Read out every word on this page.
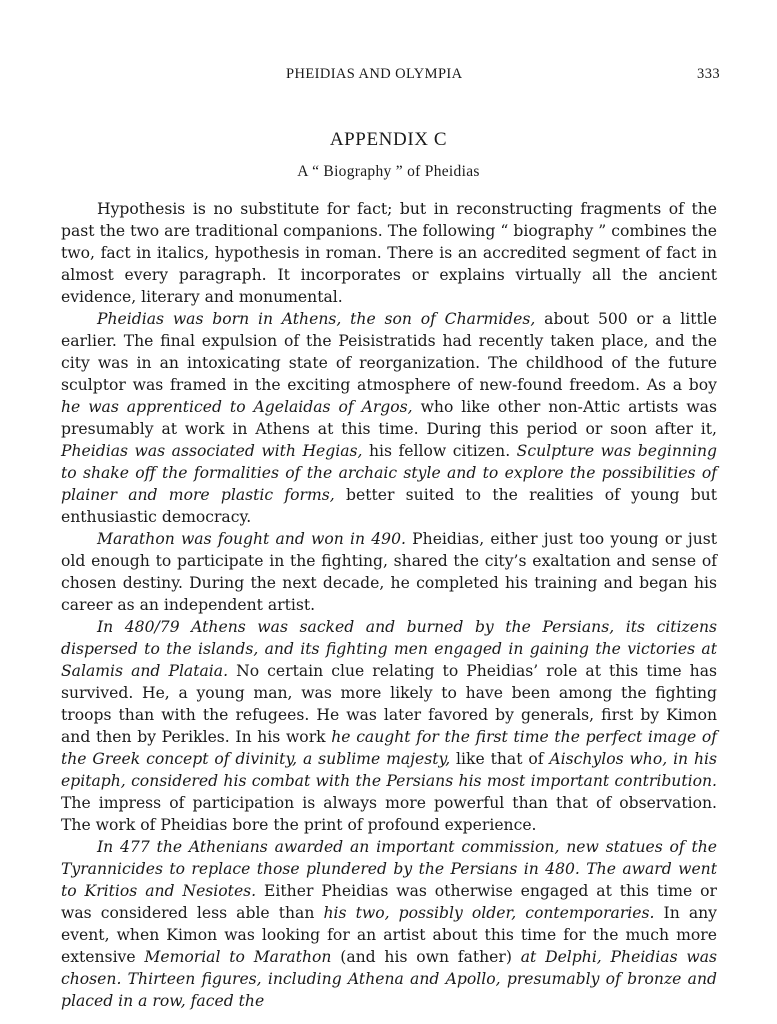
PHEIDIAS AND OLYMPIA	333
APPENDIX C
A “ Biography ” of Pheidias

Hypothesis is no substitute for fact; but in reconstructing fragments of the past the two are traditional companions. The following “ biography ” combines the two, fact in italics, hypothesis in roman. There is an accredited segment of fact in almost every paragraph. It incorporates or explains virtually all the ancient evidence, literary and monumental.

Pheidias was born in Athens, the son of Charmides, about 500 or a little earlier. The final expulsion of the Peisistratids had recently taken place, and the city was in an intoxicating state of reorganization. The childhood of the future sculptor was framed in the exciting atmosphere of new-found freedom. As a boy he was apprenticed to Agelaidas of Argos, who like other non-Attic artists was presumably at work in Athens at this time. During this period or soon after it, Pheidias was associated with Hegias, his fellow citizen. Sculpture was beginning to shake off the formalities of the archaic style and to explore the possibilities of plainer and more plastic forms, better suited to the realities of young but enthusiastic democracy.

Marathon was fought and won in 490. Pheidias, either just too young or just old enough to participate in the fighting, shared the city’s exaltation and sense of chosen destiny. During the next decade, he completed his training and began his career as an independent artist.

In 480/79 Athens was sacked and burned by the Persians, its citizens dispersed to the islands, and its fighting men engaged in gaining the victories at Salamis and Plataia. No certain clue relating to Pheidias’ role at this time has survived. He, a young man, was more likely to have been among the fighting troops than with the refugees. He was later favored by generals, first by Kimon and then by Perikles. In his work he caught for the first time the perfect image of the Greek concept of divinity, a sublime majesty, like that of Aischylos who, in his epitaph, considered his combat with the Persians his most important contribution. The impress of participation is always more powerful than that of observation. The work of Pheidias bore the print of profound experience.

In 477 the Athenians awarded an important commission, new statues of the Tyrannicides to replace those plundered by the Persians in 480. The award went to Kritios and Nesiotes. Either Pheidias was otherwise engaged at this time or was considered less able than his two, possibly older, contemporaries. In any event, when Kimon was looking for an artist about this time for the much more extensive Memorial to Marathon (and his own father) at Delphi, Pheidias was chosen. Thirteen figures, including Athena and Apollo, presumably of bronze and placed in a row, faced the
